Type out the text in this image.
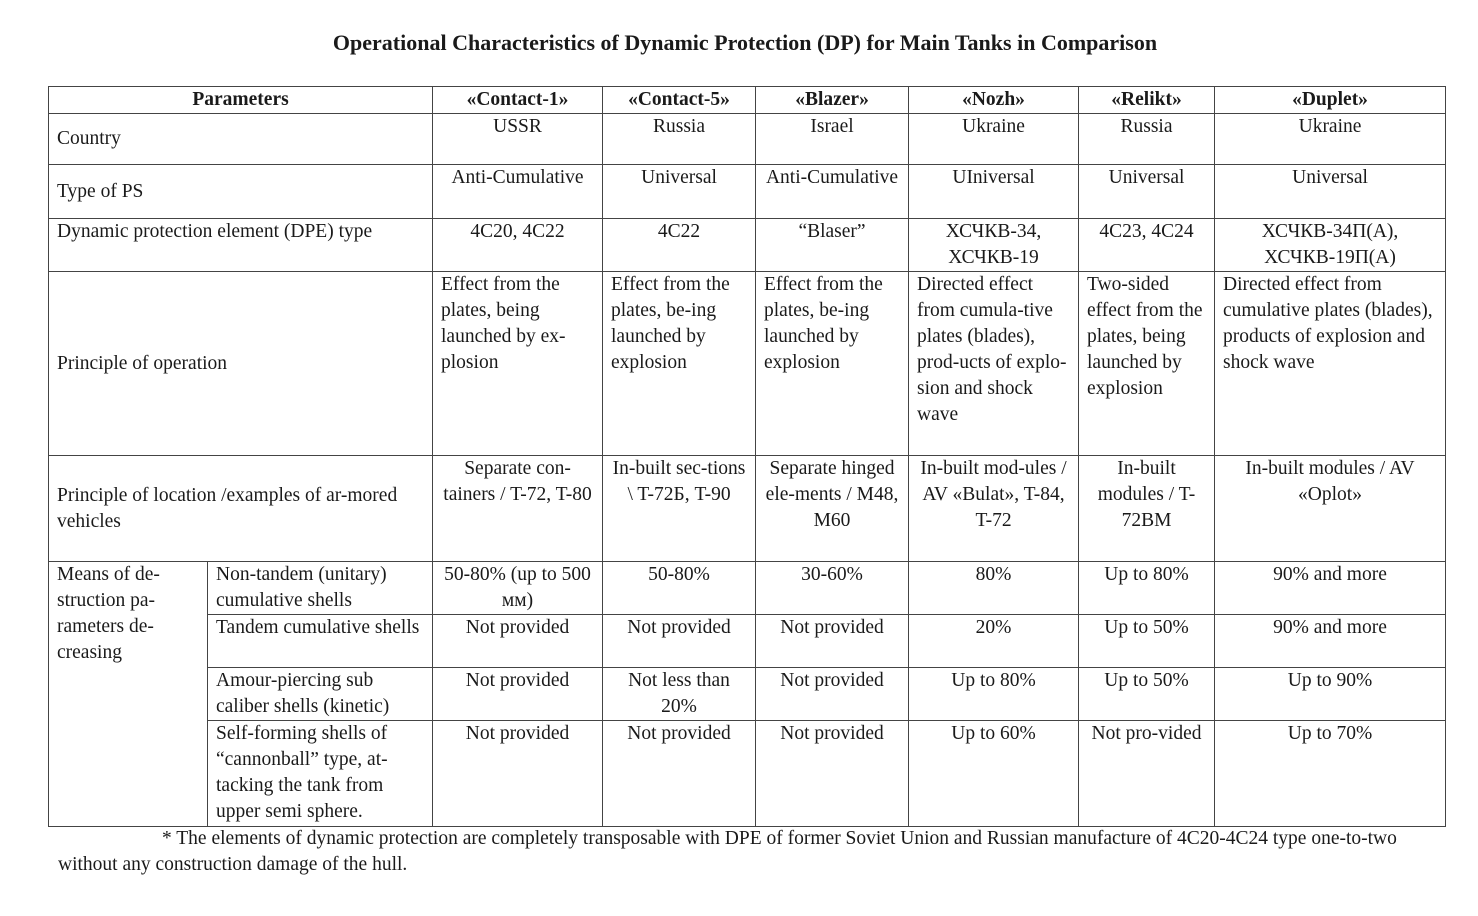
Operational Characteristics of Dynamic Protection (DP) for Main Tanks in Comparison
Parameters		«Contact-1»	«Contact-5»	«Blazer»	«Nozh»	«Relikt»	«Duplet»
Country		USSR	Russia	Israel	Ukraine	Russia	Ukraine
Type of PS		Anti-Cumulative	Universal	Anti-Cumulative	UIniversal	Universal	Universal
Dynamic protection element (DPE) type		4C20, 4C22	4C22	“Blaser”	ХСЧКВ-34, ХСЧКВ-19	4C23, 4C24	ХСЧКВ-34П(А), ХСЧКВ-19П(А)
Principle of operation		Effect from the plates, being launched by ex-plosion	Effect from the plates, be-ing launched by explosion	Effect from the plates, be-ing launched by explosion	Directed effect from cumula-tive plates (blades), prod-ucts of explo-sion and shock wave	Two-sided effect from the plates, being launched by explosion	Directed effect from cumulative plates (blades), products of explosion and shock wave
Principle of location /examples of ar-mored vehicles		Separate con-tainers / T-72, T-80	In-built sec-tions \ T-72Б, T-90	Separate hinged ele-ments / M48, M60	In-built mod-ules / AV «Bulat», T-84, T-72	In-built modules / T-72BM	In-built modules / AV «Oplot»
Means of de-struction pa-rameters de-creasing	Non-tandem (unitary) cumulative shells	50-80% (up to 500 мм)	50-80%	30-60%	80%	Up to 80%	90% and more
	Tandem cumulative shells	Not provided	Not provided	Not provided	20%	Up to 50%	90% and more
	Amour-piercing sub caliber shells (kinetic)	Not provided	Not less than 20%	Not provided	Up to 80%	Up to 50%	Up to 90%
	Self-forming shells of “cannonball” type, at-tacking the tank from upper semi sphere.	Not provided	Not provided	Not provided	Up to 60%	Not pro-vided	Up to 70%
* The elements of dynamic protection are completely transposable with DPE of former Soviet Union and Russian manufacture of 4C20-4C24 type one-to-two without any construction damage of the hull.
